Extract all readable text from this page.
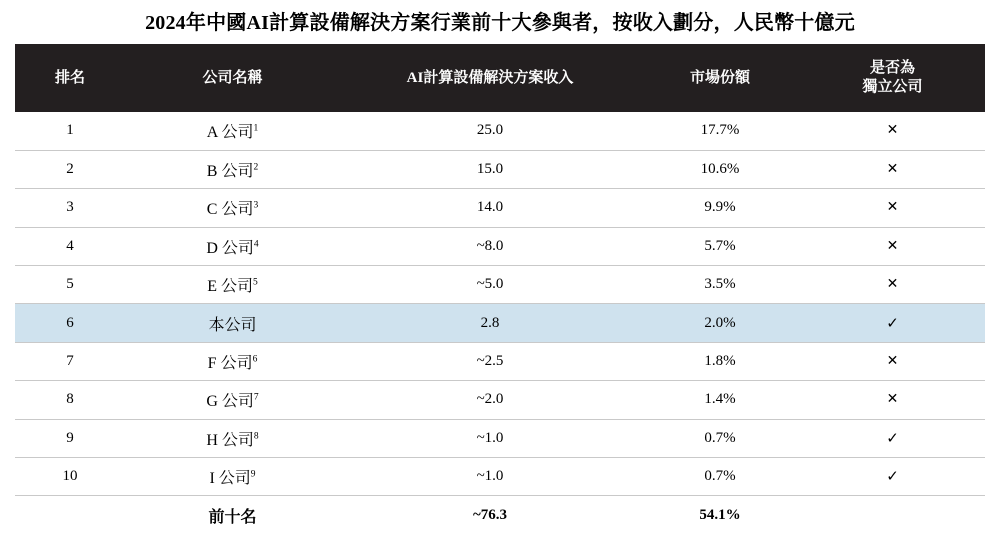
2024年中國AI計算設備解決方案行業前十大參與者，按收入劃分，人民幣十億元
排名	公司名稱	AI計算設備解決方案收入	市場份額	是否為
獨立公司

1	A 公司$^1$	25.0	17.7%	✕
2	B 公司$^2$	15.0	10.6%	✕
3	C 公司$^3$	14.0	9.9%	✕
4	D 公司$^4$	~8.0	5.7%	✕
5	E 公司$^5$	~5.0	3.5%	✕
6	本公司	2.8	2.0%	✓
7	F 公司$^6$	~2.5	1.8%	✕
8	G 公司$^7$	~2.0	1.4%	✕
9	H 公司$^8$	~1.0	0.7%	✓
10	I 公司$^9$	~1.0	0.7%	✓
	前十名	~76.3	54.1%	
